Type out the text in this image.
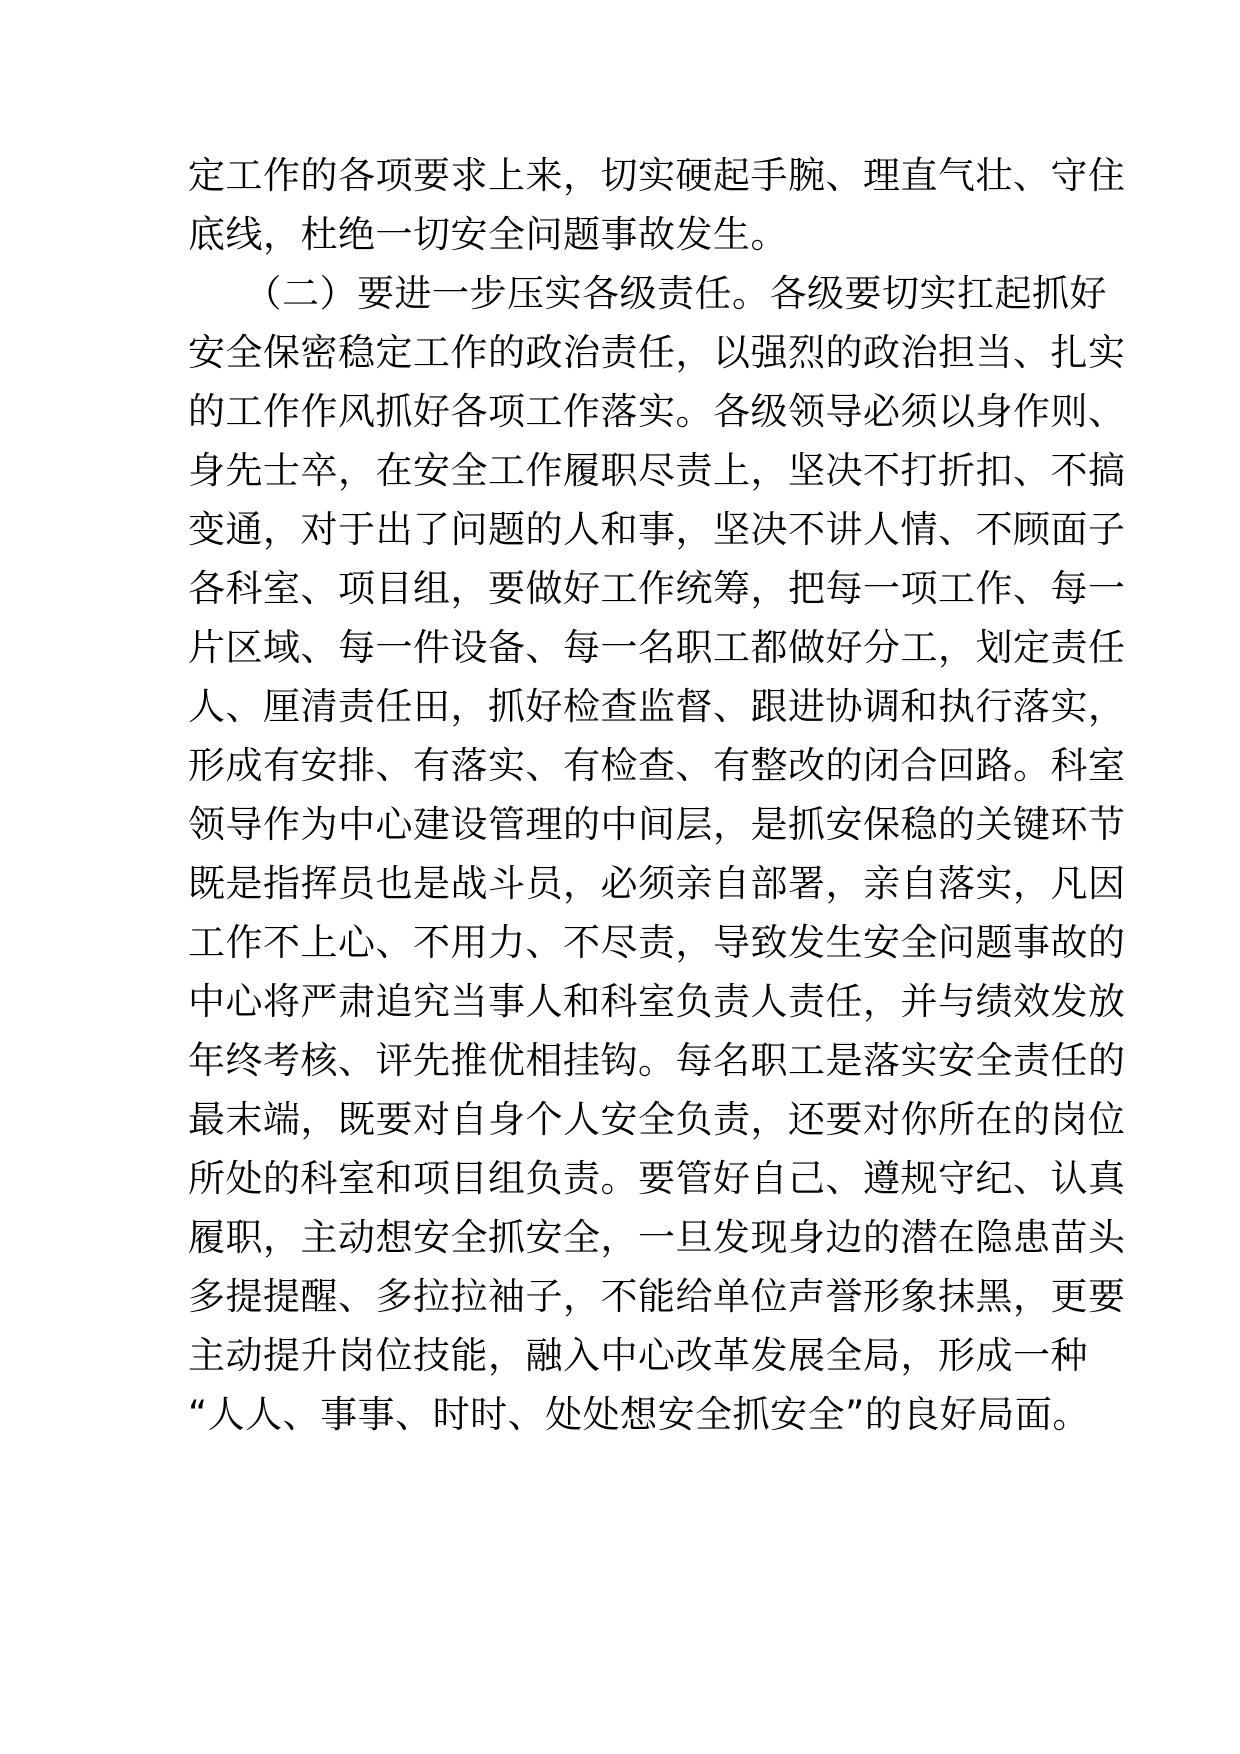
定工作的各项要求上来，切实硬起手腕、理直气壮、守住
底线，杜绝一切安全问题事故发生。
　　（二）要进一步压实各级责任。各级要切实扛起抓好
安全保密稳定工作的政治责任，以强烈的政治担当、扎实
的工作作风抓好各项工作落实。各级领导必须以身作则、
身先士卒，在安全工作履职尽责上，坚决不打折扣、不搞
变通，对于出了问题的人和事，坚决不讲人情、不顾面子
各科室、项目组，要做好工作统筹，把每一项工作、每一
片区域、每一件设备、每一名职工都做好分工，划定责任
人、厘清责任田，抓好检查监督、跟进协调和执行落实，
形成有安排、有落实、有检查、有整改的闭合回路。科室
领导作为中心建设管理的中间层，是抓安保稳的关键环节
既是指挥员也是战斗员，必须亲自部署，亲自落实，凡因
工作不上心、不用力、不尽责，导致发生安全问题事故的
中心将严肃追究当事人和科室负责人责任，并与绩效发放
年终考核、评先推优相挂钩。每名职工是落实安全责任的
最末端，既要对自身个人安全负责，还要对你所在的岗位
所处的科室和项目组负责。要管好自己、遵规守纪、认真
履职，主动想安全抓安全，一旦发现身边的潜在隐患苗头
多提提醒、多拉拉袖子，不能给单位声誉形象抹黑，更要
主动提升岗位技能，融入中心改革发展全局，形成一种
“人人、事事、时时、处处想安全抓安全”的良好局面。
